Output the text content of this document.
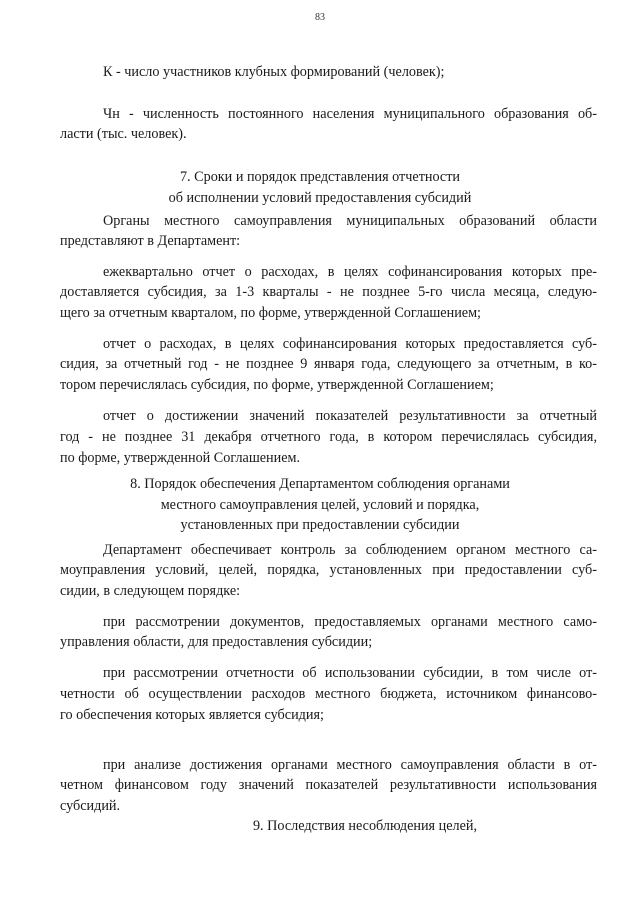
83
К - число участников клубных формирований (человек);
Чн - численность постоянного населения муниципального образования об-
ласти (тыс. человек).
7. Сроки и порядок представления отчетности
об исполнении условий предоставления субсидий
Органы местного самоуправления муниципальных образований области
представляют в Департамент:
ежеквартально отчет о расходах, в целях софинансирования которых пре-
доставляется субсидия, за 1-3 кварталы - не позднее 5-го числа месяца, следую-
щего за отчетным кварталом, по форме, утвержденной Соглашением;
отчет о расходах, в целях софинансирования которых предоставляется суб-
сидия, за отчетный год - не позднее 9 января года, следующего за отчетным, в ко-
тором перечислялась субсидия, по форме, утвержденной Соглашением;
отчет о достижении значений показателей результативности за отчетный
год - не позднее 31 декабря отчетного года, в котором перечислялась субсидия,
по форме, утвержденной Соглашением.
8. Порядок обеспечения Департаментом соблюдения органами
местного самоуправления целей, условий и порядка,
установленных при предоставлении субсидии
Департамент обеспечивает контроль за соблюдением органом местного са-
моуправления условий, целей, порядка, установленных при предоставлении суб-
сидии, в следующем порядке:
при рассмотрении документов, предоставляемых органами местного само-
управления области, для предоставления субсидии;
при рассмотрении отчетности об использовании субсидии, в том числе от-
четности об осуществлении расходов местного бюджета, источником финансово-
го обеспечения которых является субсидия;
при анализе достижения органами местного самоуправления области в от-
четном финансовом году значений показателей результативности использования
субсидий.
9. Последствия несоблюдения целей,
